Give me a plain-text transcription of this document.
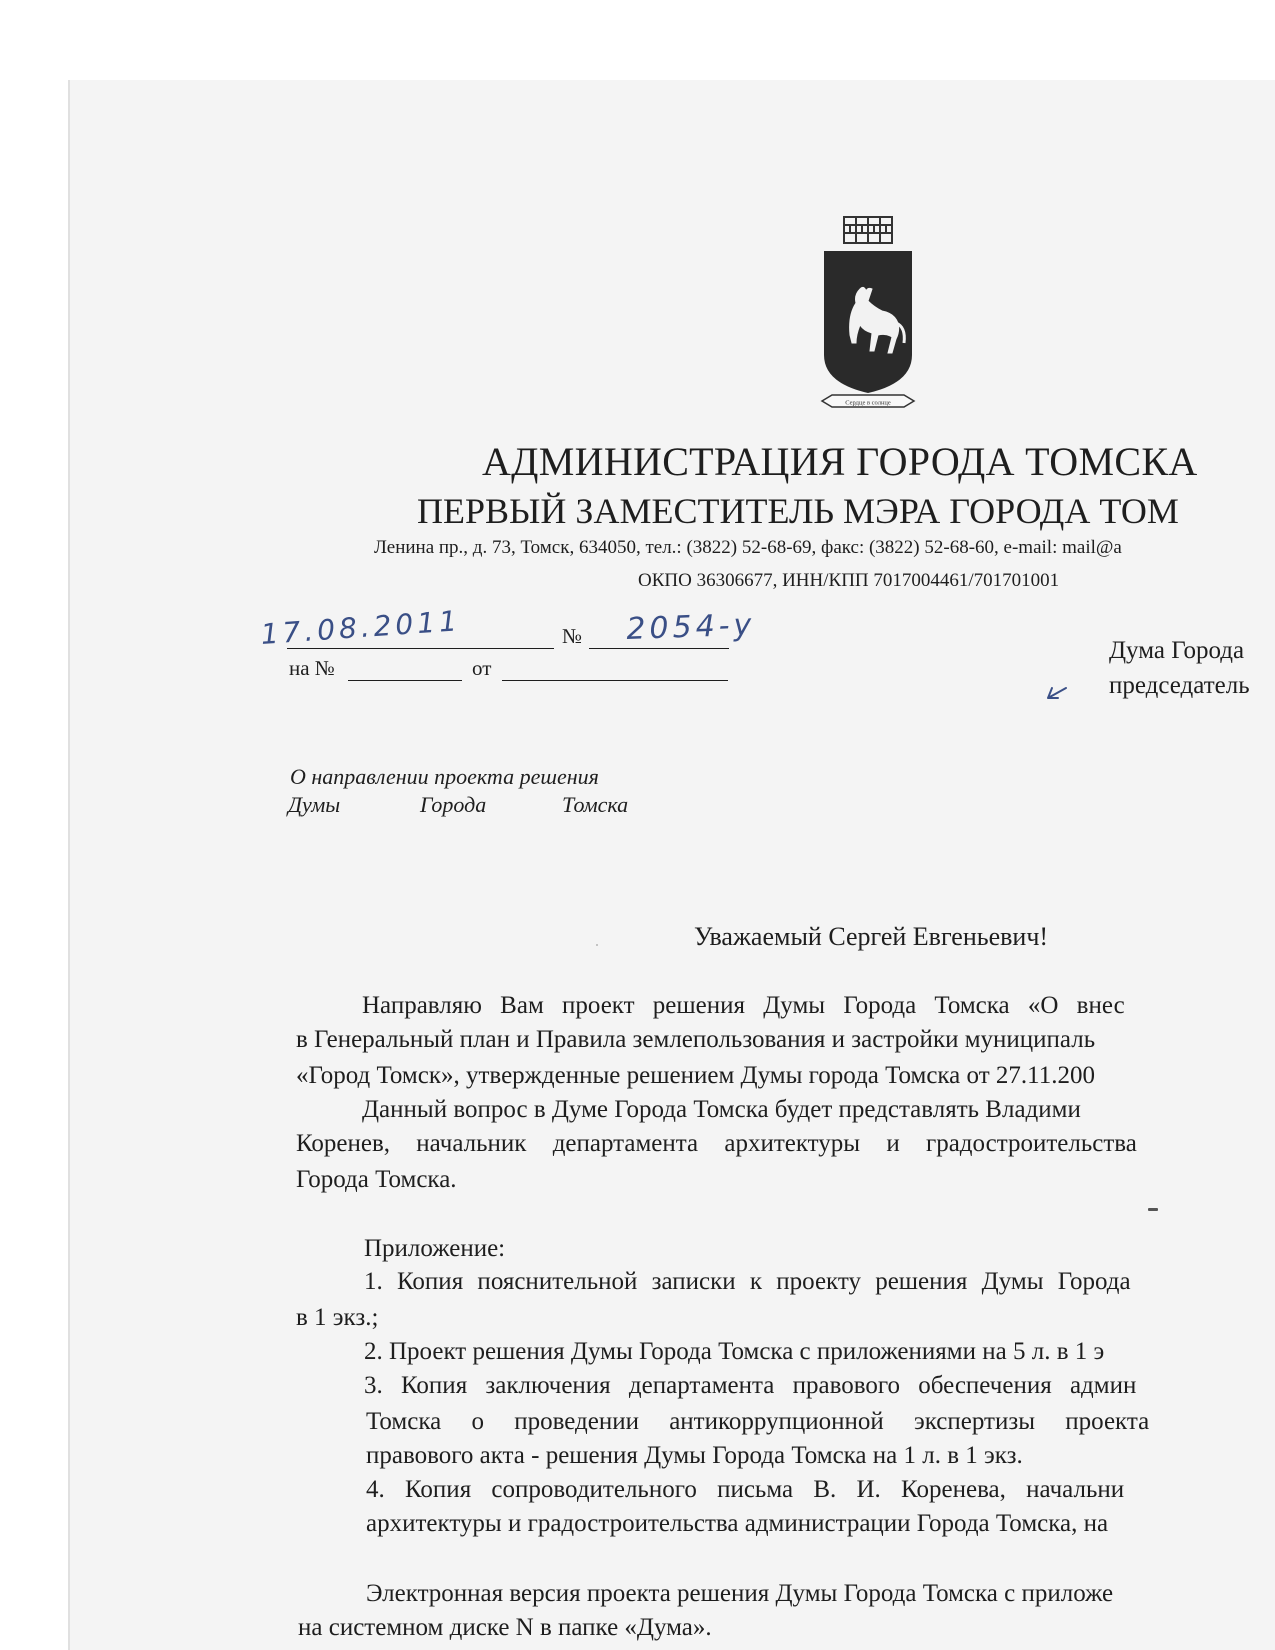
Сердце в солнце
АДМИНИСТРАЦИЯ ГОРОДА ТОМСКА
ПЕРВЫЙ ЗАМЕСТИТЕЛЬ МЭРА ГОРОДА ТОМ
Ленина пр., д. 73, Томск, 634050, тел.: (3822) 52-68-69, факс: (3822) 52-68-60, e-mail: mail@a
ОКПО 36306677, ИНН/КПП 7017004461/701701001
17.08.2011	№ 2054-у
на №	от
Дума Города
председатель
О направлении проекта решения
Думы	Города	Томска
Уважаемый Сергей Евгеньевич!
Направляю Вам проект решения Думы Города Томска «О внес
в Генеральный план и Правила землепользования и застройки муниципаль
«Город Томск», утвержденные решением Думы города Томска от 27.11.200
Данный вопрос в Думе Города Томска будет представлять Владими
Коренев, начальник департамента архитектуры и градостроительства
Города Томска.
Приложение:
1. Копия пояснительной записки к проекту решения Думы Города
в 1 экз.;
2. Проект решения Думы Города Томска с приложениями на 5 л. в 1 э
3. Копия заключения департамента правового обеспечения админ
Томска о проведении антикоррупционной экспертизы проекта
правового акта - решения Думы Города Томска на 1 л. в 1 экз.
4. Копия сопроводительного письма В. И. Коренева, начальни
архитектуры и градостроительства администрации Города Томска, на
Электронная версия проекта решения Думы Города Томска с приложе
на системном диске N в папке «Дума».
